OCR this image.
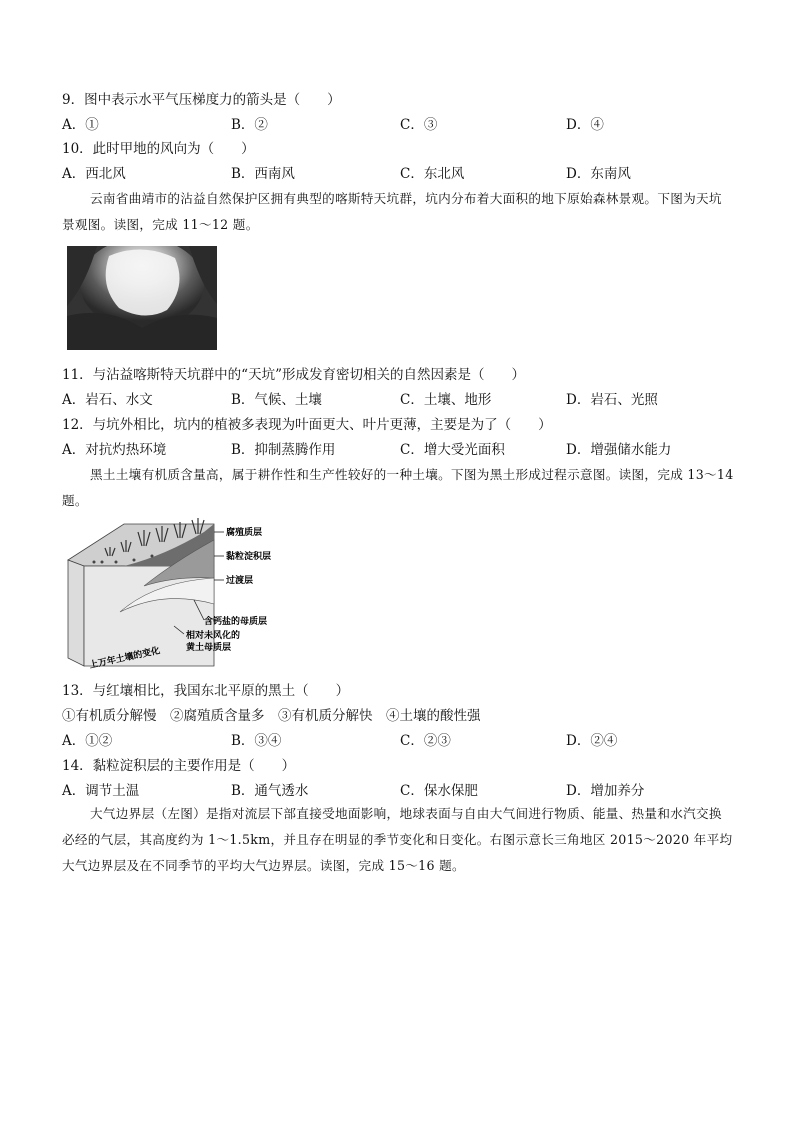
9．图中表示水平气压梯度力的箭头是（　　）
A．①	B．②	C．③	D．④
10．此时甲地的风向为（　　）
A．西北风	B．西南风	C．东北风	D．东南风
云南省曲靖市的沾益自然保护区拥有典型的喀斯特天坑群，坑内分布着大面积的地下原始森林景观。下图为天坑景观图。读图，完成 11～12 题。
11．与沾益喀斯特天坑群中的“天坑”形成发育密切相关的自然因素是（　　）
A．岩石、水文	B．气候、土壤	C．土壤、地形	D．岩石、光照
12．与坑外相比，坑内的植被多表现为叶面更大、叶片更薄，主要是为了（　　）
A．对抗灼热环境	B．抑制蒸腾作用	C．增大受光面积	D．增强储水能力
黑土土壤有机质含量高，属于耕作性和生产性较好的一种土壤。下图为黑土形成过程示意图。读图，完成 13～14 题。
腐殖质层
黏粒淀积层
过渡层
含钙盐的母质层
相对未风化的
黄土母质层
上万年土壤的变化
13．与红壤相比，我国东北平原的黑土（　　）
①有机质分解慢　②腐殖质含量多　③有机质分解快　④土壤的酸性强
A．①②	B．③④	C．②③	D．②④
14．黏粒淀积层的主要作用是（　　）
A．调节土温	B．通气透水	C．保水保肥	D．增加养分
大气边界层（左图）是指对流层下部直接受地面影响，地球表面与自由大气间进行物质、能量、热量和水汽交换必经的气层，其高度约为 1～1.5km，并且存在明显的季节变化和日变化。右图示意长三角地区 2015～2020 年平均大气边界层及在不同季节的平均大气边界层。读图，完成 15～16 题。
